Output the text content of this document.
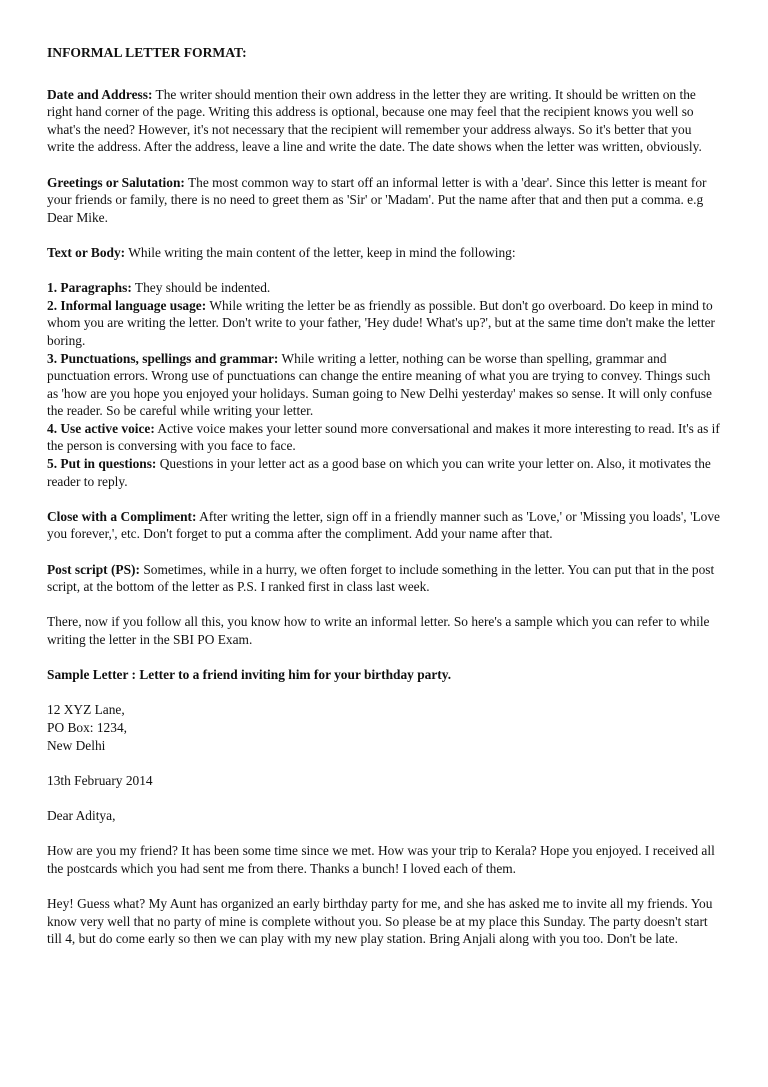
INFORMAL LETTER FORMAT:

Date and Address: The writer should mention their own address in the letter they are writing. It should be written on the right hand corner of the page. Writing this address is optional, because one may feel that the recipient knows you well so what's the need? However, it's not necessary that the recipient will remember your address always. So it's better that you write the address. After the address, leave a line and write the date. The date shows when the letter was written, obviously.

Greetings or Salutation: The most common way to start off an informal letter is with a 'dear'. Since this letter is meant for your friends or family, there is no need to greet them as 'Sir' or 'Madam'. Put the name after that and then put a comma. e.g Dear Mike.

Text or Body: While writing the main content of the letter, keep in mind the following:

1. Paragraphs: They should be indented.

2. Informal language usage: While writing the letter be as friendly as possible. But don't go overboard. Do keep in mind to whom you are writing the letter. Don't write to your father, 'Hey dude! What's up?', but at the same time don't make the letter boring.

3. Punctuations, spellings and grammar: While writing a letter, nothing can be worse than spelling, grammar and punctuation errors. Wrong use of punctuations can change the entire meaning of what you are trying to convey. Things such as 'how are you hope you enjoyed your holidays. Suman going to New Delhi yesterday' makes so sense. It will only confuse the reader. So be careful while writing your letter.

4. Use active voice: Active voice makes your letter sound more conversational and makes it more interesting to read. It's as if the person is conversing with you face to face.

5. Put in questions: Questions in your letter act as a good base on which you can write your letter on. Also, it motivates the reader to reply.

Close with a Compliment: After writing the letter, sign off in a friendly manner such as 'Love,' or 'Missing you loads', 'Love you forever,', etc. Don't forget to put a comma after the compliment. Add your name after that.

Post script (PS): Sometimes, while in a hurry, we often forget to include something in the letter. You can put that in the post script, at the bottom of the letter as P.S. I ranked first in class last week.

There, now if you follow all this, you know how to write an informal letter. So here's a sample which you can refer to while writing the letter in the SBI PO Exam.

Sample Letter : Letter to a friend inviting him for your birthday party.

12 XYZ Lane,

PO Box: 1234,

New Delhi

13th February 2014

Dear Aditya,

How are you my friend? It has been some time since we met. How was your trip to Kerala? Hope you enjoyed. I received all the postcards which you had sent me from there. Thanks a bunch! I loved each of them.

Hey! Guess what? My Aunt has organized an early birthday party for me, and she has asked me to invite all my friends. You know very well that no party of mine is complete without you. So please be at my place this Sunday. The party doesn't start till 4, but do come early so then we can play with my new play station. Bring Anjali along with you too. Don't be late.
